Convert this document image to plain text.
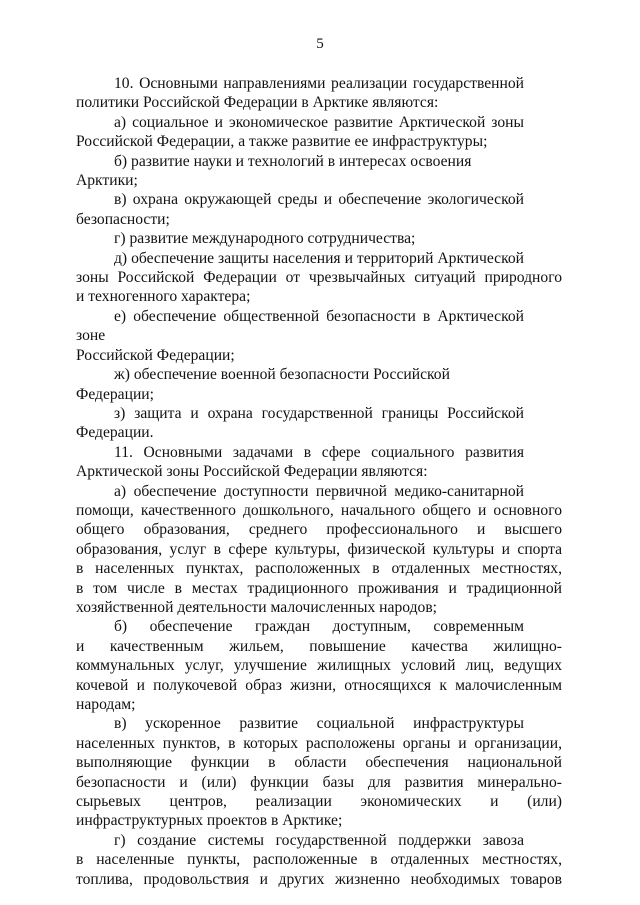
5
10. Основными направлениями реализации государственной
политики Российской Федерации в Арктике являются:
а) социальное и экономическое развитие Арктической зоны
Российской Федерации, а также развитие ее инфраструктуры;
б) развитие науки и технологий в интересах освоения Арктики;
в) охрана окружающей среды и обеспечение экологической
безопасности;
г) развитие международного сотрудничества;
д) обеспечение защиты населения и территорий Арктической
зоны Российской Федерации от чрезвычайных ситуаций природного
и техногенного характера;
е) обеспечение общественной безопасности в Арктической зоне
Российской Федерации;
ж) обеспечение военной безопасности Российской Федерации;
з) защита и охрана государственной границы Российской
Федерации.
11. Основными задачами в сфере социального развития
Арктической зоны Российской Федерации являются:
а) обеспечение доступности первичной медико-санитарной
помощи, качественного дошкольного, начального общего и основного
общего образования, среднего профессионального и высшего
образования, услуг в сфере культуры, физической культуры и спорта
в населенных пунктах, расположенных в отдаленных местностях,
в том числе в местах традиционного проживания и традиционной
хозяйственной деятельности малочисленных народов;
б) обеспечение граждан доступным, современным
и качественным жильем, повышение качества жилищно-
коммунальных услуг, улучшение жилищных условий лиц, ведущих
кочевой и полукочевой образ жизни, относящихся к малочисленным
народам;
в) ускоренное развитие социальной инфраструктуры
населенных пунктов, в которых расположены органы и организации,
выполняющие функции в области обеспечения национальной
безопасности и (или) функции базы для развития минерально-
сырьевых центров, реализации экономических и (или)
инфраструктурных проектов в Арктике;
г) создание системы государственной поддержки завоза
в населенные пункты, расположенные в отдаленных местностях,
топлива, продовольствия и других жизненно необходимых товаров
